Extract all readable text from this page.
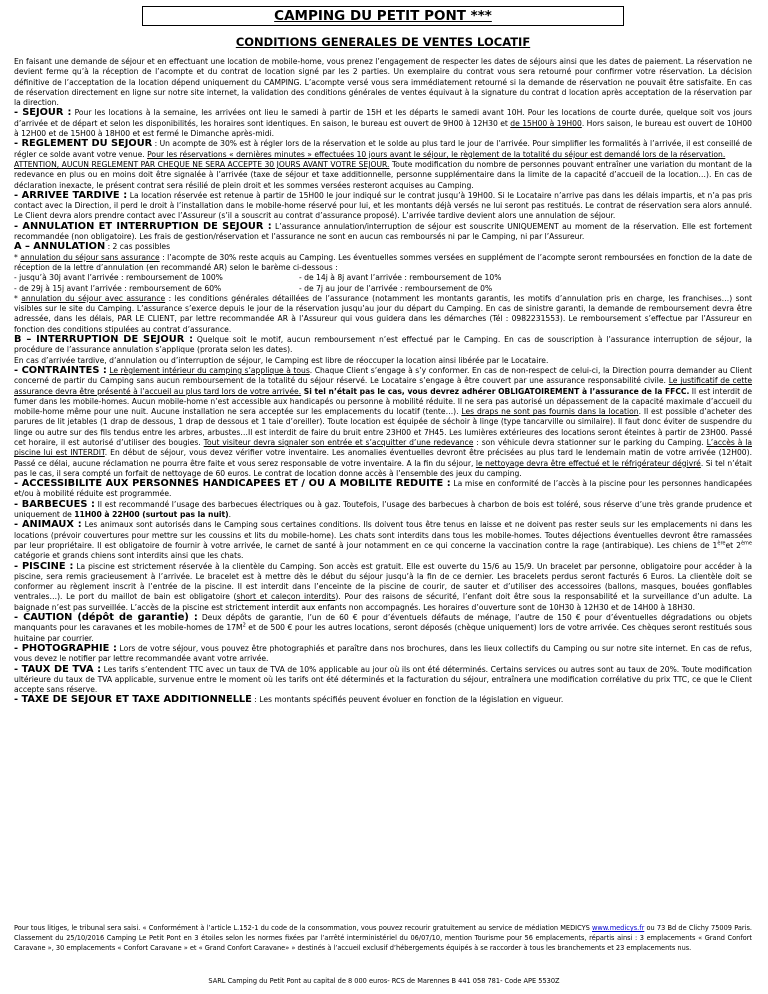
CAMPING DU PETIT PONT ***
CONDITIONS GENERALES DE VENTES LOCATIF

En faisant une demande de séjour et en effectuant une location de mobile-home, vous prenez l’engagement de respecter les dates de séjours ainsi que les dates de paiement. La réservation ne devient ferme qu’à la réception de l’acompte et du contrat de location signé par les 2 parties. Un exemplaire du contrat vous sera retourné pour confirmer votre réservation. La décision définitive de l’acceptation de la location dépend uniquement du CAMPING. L’acompte versé vous sera immédiatement retourné si la demande de réservation ne pouvait être satisfaite. En cas de réservation directement en ligne sur notre site internet, la validation des conditions générales de ventes équivaut à la signature du contrat d location après acceptation de la réservation par la direction.

- SEJOUR : Pour les locations à la semaine, les arrivées ont lieu le samedi à partir de 15H et les départs le samedi avant 10H. Pour les locations de courte durée, quelque soit vos jours d’arrivée et de départ et selon les disponibilités, les horaires sont identiques. En saison, le bureau est ouvert de 9H00 à 12H30 et de 15H00 à 19H00. Hors saison, le bureau est ouvert de 10H00 à 12H00 et de 15H00 à 18H00 et est fermé le Dimanche après-midi.

- REGLEMENT DU SEJOUR : Un acompte de 30% est à régler lors de la réservation et le solde au plus tard le jour de l’arrivée. Pour simplifier les formalités à l’arrivée, il est conseillé de régler ce solde avant votre venue. Pour les réservations « dernières minutes » effectuées 10 jours avant le séjour, le règlement de la totalité du séjour est demandé lors de la réservation.
ATTENTION, AUCUN REGLEMENT PAR CHEQUE NE SERA ACCEPTE 30 JOURS AVANT VOTRE SEJOUR. Toute modification du nombre de personnes pouvant entraîner une variation du montant de la redevance en plus ou en moins doit être signalée à l’arrivée (taxe de séjour et taxe additionnelle, personne supplémentaire dans la limite de la capacité d’accueil de la location…). En cas de déclaration inexacte, le présent contrat sera résilié de plein droit et les sommes versées resteront acquises au Camping.

- ARRIVEE TARDIVE : La location réservée est retenue à partir de 15H00 le jour indiqué sur le contrat jusqu’à 19H00. Si le Locataire n’arrive pas dans les délais impartis, et n’a pas pris contact avec la Direction, il perd le droit à l’installation dans le mobile-home réservé pour lui, et les montants déjà versés ne lui seront pas restitués. Le contrat de réservation sera alors annulé. Le Client devra alors prendre contact avec l’Assureur (s’il a souscrit au contrat d’assurance proposé). L’arrivée tardive devient alors une annulation de séjour.

- ANNULATION ET INTERRUPTION DE SEJOUR : L’assurance annulation/interruption de séjour est souscrite UNIQUEMENT au moment de la réservation. Elle est fortement recommandée (non obligatoire). Les frais de gestion/réservation et l’assurance ne sont en aucun cas remboursés ni par le Camping, ni par l’Assureur.

A – ANNULATION : 2 cas possibles

* annulation du séjour sans assurance : l’acompte de 30% reste acquis au Camping. Les éventuelles sommes versées en supplément de l’acompte seront remboursées en fonction de la date de réception de la lettre d’annulation (en recommandé AR) selon le barème ci-dessous :

- jusqu’à 30j avant l’arrivée : remboursement de 100%	- de 14j à 8j avant l’arrivée : remboursement de 10%

- de 29j à 15j avant l’arrivée : remboursement de 60%	- de 7j au jour de l’arrivée : remboursement de 0%

* annulation du séjour avec assurance : les conditions générales détaillées de l’assurance (notamment les montants garantis, les motifs d’annulation pris en charge, les franchises…) sont visibles sur le site du Camping. L’assurance s’exerce depuis le jour de la réservation jusqu’au jour du départ du Camping. En cas de sinistre garanti, la demande de remboursement devra être adressée, dans les délais, PAR LE CLIENT, par lettre recommandée AR à l’Assureur qui vous guidera dans les démarches (Tél : 0982231553). Le remboursement s’effectue par l’Assureur en fonction des conditions stipulées au contrat d’assurance.

B – INTERRUPTION DE SEJOUR : Quelque soit le motif, aucun remboursement n’est effectué par le Camping. En cas de souscription à l’assurance interruption de séjour, la procédure de l’assurance annulation s’applique (prorata selon les dates).

En cas d’arrivée tardive, d’annulation ou d’interruption de séjour, le Camping est libre de réoccuper la location ainsi libérée par le Locataire.

- CONTRAINTES : Le règlement intérieur du camping s’applique à tous. Chaque Client s’engage à s’y conformer. En cas de non-respect de celui-ci, la Direction pourra demander au Client concerné de partir du Camping sans aucun remboursement de la totalité du séjour réservé. Le Locataire s’engage à être couvert par une assurance responsabilité civile. Le justificatif de cette assurance devra être présenté à l’accueil au plus tard lors de votre arrivée. Si tel n’était pas le cas, vous devrez adhérer OBLIGATOIREMENT à l’assurance de la FFCC. Il est interdit de fumer dans les mobile-homes. Aucun mobile-home n’est accessible aux handicapés ou personne à mobilité réduite. Il ne sera pas autorisé un dépassement de la capacité maximale d’accueil du mobile-home même pour une nuit. Aucune installation ne sera acceptée sur les emplacements du locatif (tente…). Les draps ne sont pas fournis dans la location. Il est possible d’acheter des parures de lit jetables (1 drap de dessous, 1 drap de dessous et 1 taie d’oreiller). Toute location est équipée de séchoir à linge (type tancarville ou similaire). Il faut donc éviter de suspendre du linge ou autre sur des fils tendus entre les arbres, arbustes…Il est interdit de faire du bruit entre 23H00 et 7H45. Les lumières extérieures des locations seront éteintes à partir de 23H00. Passé cet horaire, il est autorisé d’utiliser des bougies. Tout visiteur devra signaler son entrée et s’acquitter d’une redevance : son véhicule devra stationner sur le parking du Camping. L’accès à la piscine lui est INTERDIT. En début de séjour, vous devez vérifier votre inventaire. Les anomalies éventuelles devront être précisées au plus tard le lendemain matin de votre arrivée (12H00). Passé ce délai, aucune réclamation ne pourra être faite et vous serez responsable de votre inventaire. A la fin du séjour, le nettoyage devra être effectué et le réfrigérateur dégivré. Si tel n’était pas le cas, il sera compté un forfait de nettoyage de 60 euros. Le contrat de location donne accès à l’ensemble des jeux du camping.

- ACCESSIBILITE AUX PERSONNES HANDICAPEES ET / OU A MOBILITE REDUITE : La mise en conformité de l’accès à la piscine pour les personnes handicapées et/ou à mobilité réduite est programmée.

- BARBECUES : Il est recommandé l’usage des barbecues électriques ou à gaz. Toutefois, l’usage des barbecues à charbon de bois est toléré, sous réserve d’une très grande prudence et uniquement de 11H00 à 22H00 (surtout pas la nuit).

- ANIMAUX : Les animaux sont autorisés dans le Camping sous certaines conditions. Ils doivent tous être tenus en laisse et ne doivent pas rester seuls sur les emplacements ni dans les locations (prévoir couvertures pour mettre sur les coussins et lits du mobile-home). Les chats sont interdits dans tous les mobile-homes. Toutes déjections éventuelles devront être ramassées par leur propriétaire. Il est obligatoire de fournir à votre arrivée, le carnet de santé à jour notamment en ce qui concerne la vaccination contre la rage (antirabique). Les chiens de 1èreet 2ème catégorie et grands chiens sont interdits ainsi que les chats.

- PISCINE : La piscine est strictement réservée à la clientèle du Camping. Son accès est gratuit. Elle est ouverte du 15/6 au 15/9. Un bracelet par personne, obligatoire pour accéder à la piscine, sera remis gracieusement à l’arrivée. Le bracelet est à mettre dès le début du séjour jusqu’à la fin de ce dernier. Les bracelets perdus seront facturés 6 Euros. La clientèle doit se conformer au règlement inscrit à l’entrée de la piscine. Il est interdit dans l’enceinte de la piscine de courir, de sauter et d’utiliser des accessoires (ballons, masques, bouées gonflables ventrales…). Le port du maillot de bain est obligatoire (short et caleçon interdits). Pour des raisons de sécurité, l’enfant doit être sous la responsabilité et la surveillance d’un adulte. La baignade n’est pas surveillée. L’accès de la piscine est strictement interdit aux enfants non accompagnés. Les horaires d’ouverture sont de 10H30 à 12H30 et de 14H00 à 18H30.

- CAUTION (dépôt de garantie) : Deux dépôts de garantie, l’un de 60 € pour d’éventuels défauts de ménage, l’autre de 150 € pour d’éventuelles dégradations ou objets manquants pour les caravanes et les mobile-homes de $17M^2$ et de 500 € pour les autres locations, seront déposés (chèque uniquement) lors de votre arrivée. Ces chèques seront restitués sous huitaine par courrier.

- PHOTOGRAPHIE : Lors de votre séjour, vous pouvez être photographiés et paraître dans nos brochures, dans les lieux collectifs du Camping ou sur notre site internet. En cas de refus, vous devez le notifier par lettre recommandée avant votre arrivée.

- TAUX DE TVA : Les tarifs s’entendent TTC avec un taux de TVA de 10% applicable au jour où ils ont été déterminés. Certains services ou autres sont au taux de 20%. Toute modification ultérieure du taux de TVA applicable, survenue entre le moment où les tarifs ont été déterminés et la facturation du séjour, entraînera une modification corrélative du prix TTC, ce que le Client accepte sans réserve.

- TAXE DE SEJOUR ET TAXE ADDITIONNELLE : Les montants spécifiés peuvent évoluer en fonction de la législation en vigueur.

Pour tous litiges, le tribunal sera saisi. « Conformément à l’article L.152-1 du code de la consommation, vous pouvez recourir gratuitement au service de médiation MEDICYS www.medicys.fr ou 73 Bd de Clichy 75009 Paris. Classement du 25/10/2016 Camping Le Petit Pont en 3 étoiles selon les normes fixées par l’arrêté interministériel du 06/07/10, mention Tourisme pour 56 emplacements, répartis ainsi : 3 emplacements « Grand Confort Caravane », 30 emplacements « Confort Caravane » et « Grand Confort Caravane» » destinés à l’accueil exclusif d’hébergements équipés à se raccorder à tous les branchements et 23 emplacements nus.
SARL Camping du Petit Pont au capital de 8 000 euros- RCS de Marennes B 441 058 781- Code APE 5530Z
